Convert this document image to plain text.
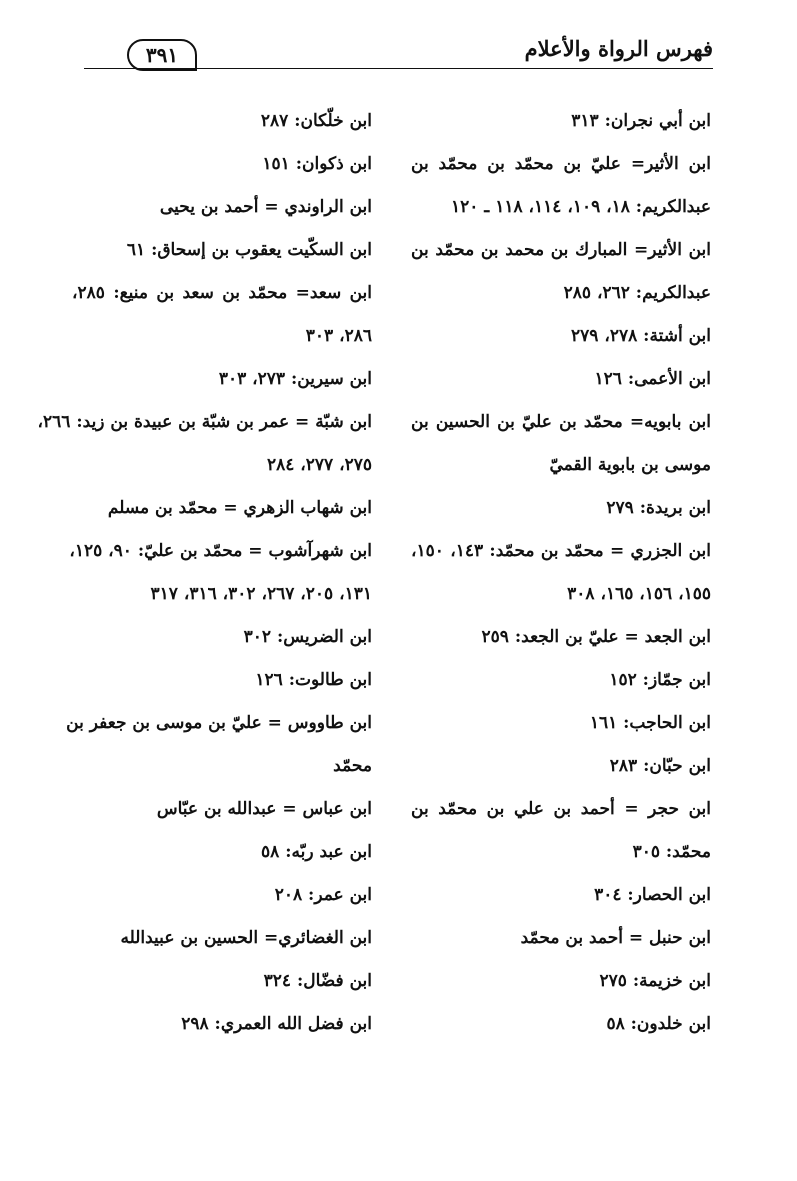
فهرس الرواة والأعلام
٣٩١
ابن أبي نجران: ٣١٣
ابن الأثير= عليّ بن محمّد بن محمّد بن
عبدالكريم: ١٨، ١٠٩، ١١٤، ١١٨ ـ ١٢٠
ابن الأثير= المبارك بن محمد بن محمّد بن
عبدالكريم: ٢٦٢، ٢٨٥
ابن أشتة: ٢٧٨، ٢٧٩
ابن الأعمى: ١٢٦
ابن بابويه= محمّد بن عليّ بن الحسين بن
موسى بن بابوية القميّ
ابن بريدة: ٢٧٩
ابن الجزري = محمّد بن محمّد: ١٤٣، ١٥٠،
١٥٥، ١٥٦، ١٦٥، ٣٠٨
ابن الجعد = عليّ بن الجعد: ٢٥٩
ابن جمّاز: ١٥٢
ابن الحاجب: ١٦١
ابن حبّان: ٢٨٣
ابن حجر = أحمد بن علي بن محمّد بن
محمّد: ٣٠٥
ابن الحصار: ٣٠٤
ابن حنبل = أحمد بن محمّد
ابن خزيمة: ٢٧٥
ابن خلدون: ٥٨
ابن خلّكان: ٢٨٧
ابن ذكوان: ١٥١
ابن الراوندي = أحمد بن يحيى
ابن السكّيت يعقوب بن إسحاق: ٦١
ابن سعد= محمّد بن سعد بن منيع: ٢٨٥،
٢٨٦، ٣٠٣
ابن سيرين: ٢٧٣، ٣٠٣
ابن شبّة = عمر بن شبّة بن عبيدة بن زيد: ٢٦٦،
٢٧٥، ٢٧٧، ٢٨٤
ابن شهاب الزهري = محمّد بن مسلم
ابن شهرآشوب = محمّد بن عليّ: ٩٠، ١٢٥،
١٣١، ٢٠٥، ٢٦٧، ٣٠٢، ٣١٦، ٣١٧
ابن الضريس: ٣٠٢
ابن طالوت: ١٢٦
ابن طاووس = عليّ بن موسى بن جعفر بن
محمّد
ابن عباس = عبدالله بن عبّاس
ابن عبد ربّه: ٥٨
ابن عمر: ٢٠٨
ابن الغضائري= الحسين بن عبيدالله
ابن فضّال: ٣٢٤
ابن فضل الله العمري: ٢٩٨
